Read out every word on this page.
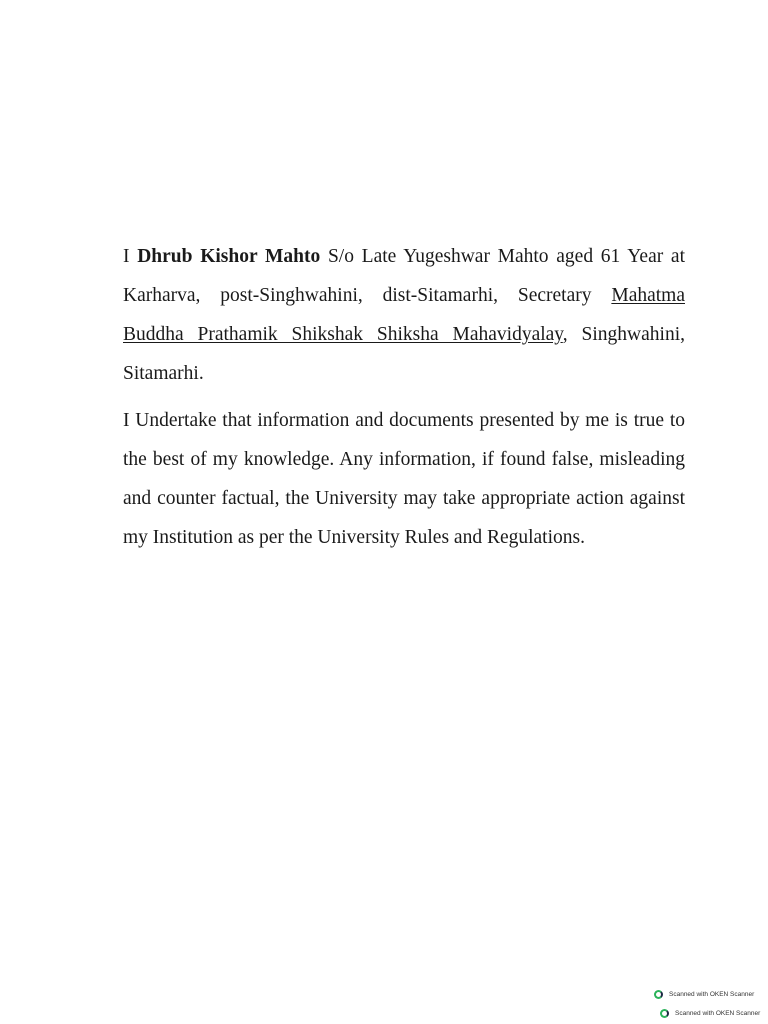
I Dhrub Kishor Mahto S/o Late Yugeshwar Mahto aged 61 Year at Karharva, post-Singhwahini, dist-Sitamarhi, Secretary Mahatma Buddha Prathamik Shikshak Shiksha Mahavidyalay, Singhwahini, Sitamarhi.

I Undertake that information and documents presented by me is true to the best of my knowledge. Any information, if found false, misleading and counter factual, the University may take appropriate action against my Institution as per the University Rules and Regulations.

Scanned with OKEN Scanner
Scanned with OKEN Scanner
